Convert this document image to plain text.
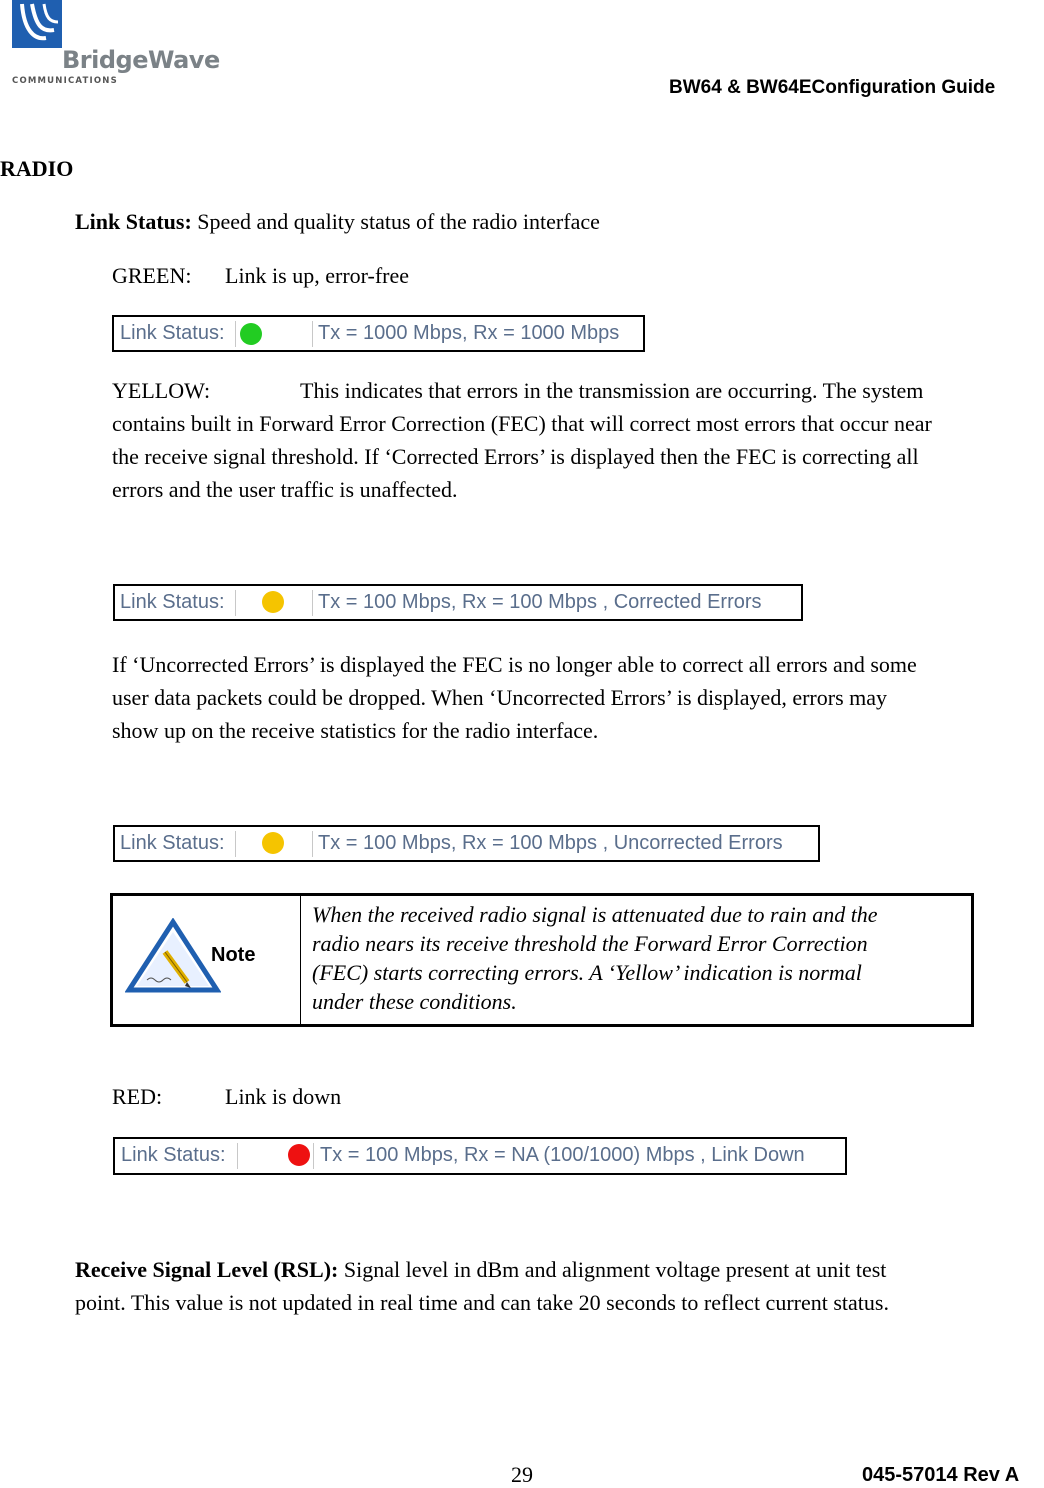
BridgeWave
COMMUNICATIONS	BW64 & BW64EConfiguration Guide
RADIO
Link Status: Speed and quality status of the radio interface
GREEN: Link is up, error-free
Link Status:	Tx = 1000 Mbps, Rx = 1000 Mbps
YELLOW:	This indicates that errors in the transmission are occurring. The system
contains built in Forward Error Correction (FEC) that will correct most errors that occur near
the receive signal threshold. If ‘Corrected Errors’ is displayed then the FEC is correcting all
errors and the user traffic is unaffected.
Link Status:	Tx = 100 Mbps, Rx = 100 Mbps , Corrected Errors
If ‘Uncorrected Errors’ is displayed the FEC is no longer able to correct all errors and some
user data packets could be dropped. When ‘Uncorrected Errors’ is displayed, errors may
show up on the receive statistics for the radio interface.
Link Status:	Tx = 100 Mbps, Rx = 100 Mbps , Uncorrected Errors
Note
When the received radio signal is attenuated due to rain and the
radio nears its receive threshold the Forward Error Correction
(FEC) starts correcting errors. A ‘Yellow’ indication is normal
under these conditions.
RED:	Link is down
Link Status:	Tx = 100 Mbps, Rx = NA (100/1000) Mbps , Link Down
Receive Signal Level (RSL): Signal level in dBm and alignment voltage present at unit test
point. This value is not updated in real time and can take 20 seconds to reflect current status.
29	045-57014 Rev A
